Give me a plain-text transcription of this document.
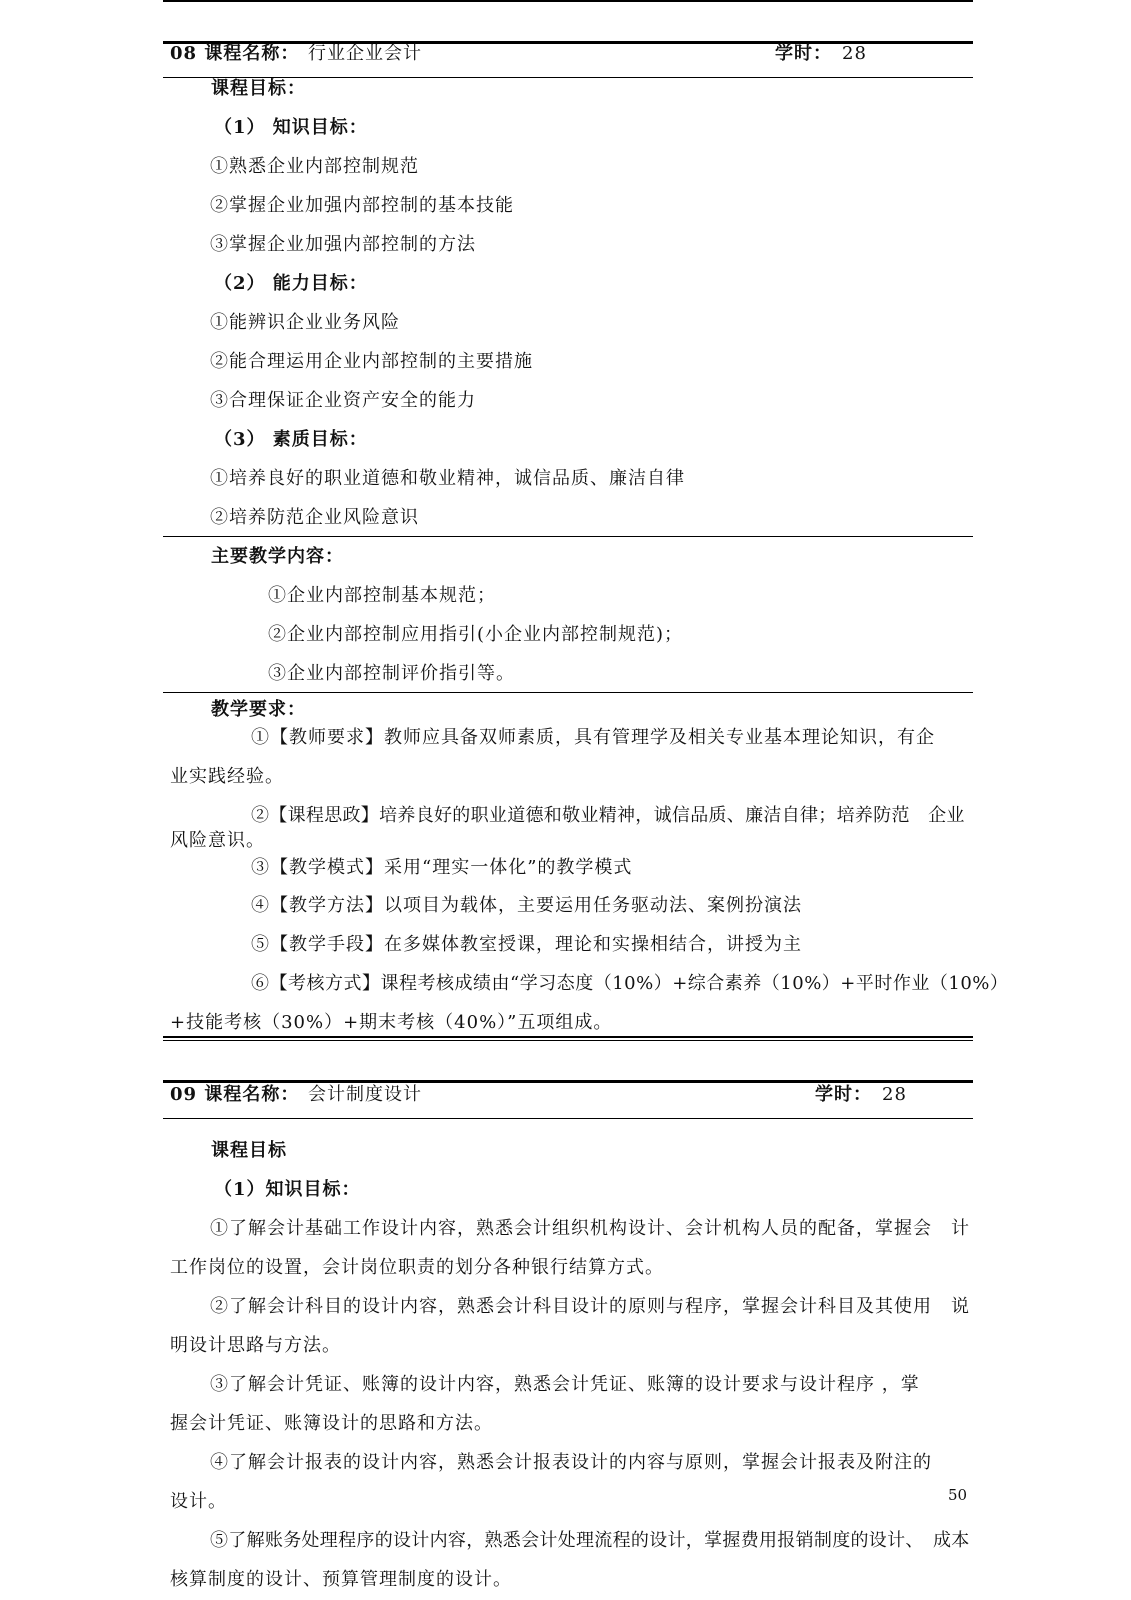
08 课程名称： 行业企业会计	学时： 28
课程目标：
（1） 知识目标：
①熟悉企业内部控制规范
②掌握企业加强内部控制的基本技能
③掌握企业加强内部控制的方法
（2） 能力目标：
①能辨识企业业务风险
②能合理运用企业内部控制的主要措施
③合理保证企业资产安全的能力
（3） 素质目标：
①培养良好的职业道德和敬业精神，诚信品质、廉洁自律
②培养防范企业风险意识
主要教学内容：
①企业内部控制基本规范；
②企业内部控制应用指引(小企业内部控制规范)；
③企业内部控制评价指引等。
教学要求：
①【教师要求】教师应具备双师素质，具有管理学及相关专业基本理论知识，有企
业实践经验。
②【课程思政】培养良好的职业道德和敬业精神，诚信品质、廉洁自律；培养防范　企业
风险意识。
③【教学模式】采用“理实一体化”的教学模式
④【教学方法】以项目为载体，主要运用任务驱动法、案例扮演法
⑤【教学手段】在多媒体教室授课，理论和实操相结合，讲授为主
⑥【考核方式】课程考核成绩由“学习态度（10%）+综合素养（10%）+平时作业（10%）
+技能考核（30%）+期末考核（40%）”五项组成。
09 课程名称： 会计制度设计	学时： 28
课程目标
（1）知识目标：
①了解会计基础工作设计内容，熟悉会计组织机构设计、会计机构人员的配备，掌握会　计
工作岗位的设置，会计岗位职责的划分各种银行结算方式。
②了解会计科目的设计内容，熟悉会计科目设计的原则与程序，掌握会计科目及其使用　说
明设计思路与方法。
③了解会计凭证、账簿的设计内容，熟悉会计凭证、账簿的设计要求与设计程序 ，掌
握会计凭证、账簿设计的思路和方法。
④了解会计报表的设计内容，熟悉会计报表设计的内容与原则，掌握会计报表及附注的
设计。
⑤了解账务处理程序的设计内容，熟悉会计处理流程的设计，掌握费用报销制度的设计、　成本
核算制度的设计、预算管理制度的设计。
50
